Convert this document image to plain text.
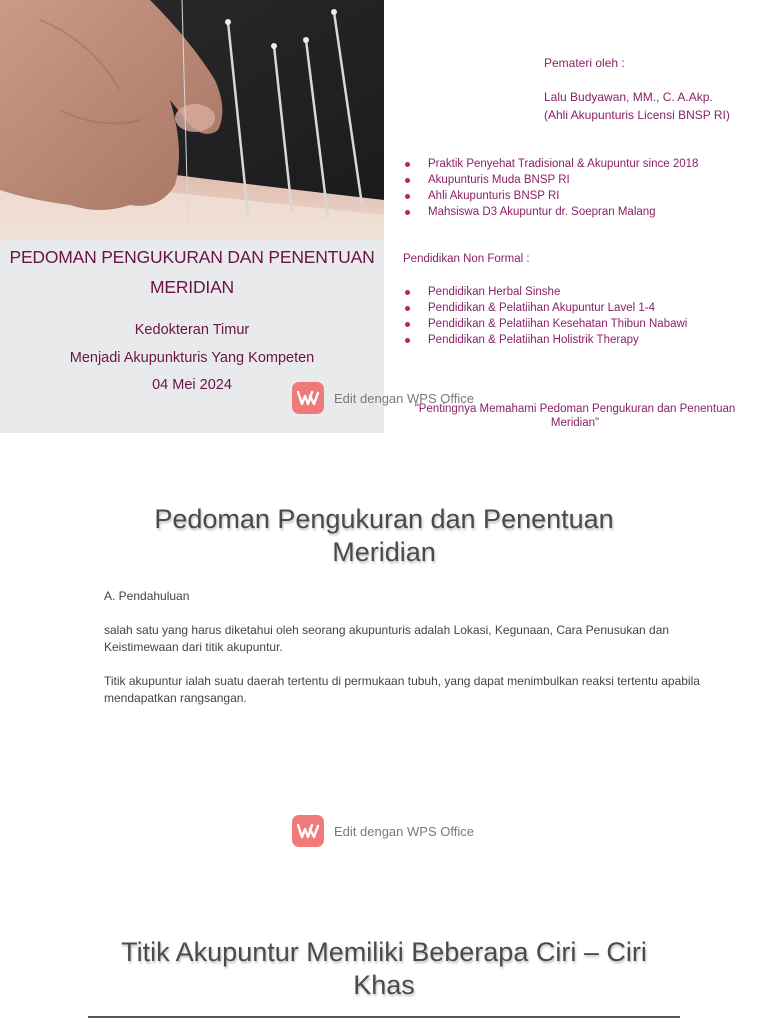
PEDOMAN PENGUKURAN DAN PENENTUAN
MERIDIAN
Kedokteran Timur
Menjadi Akupunkturis Yang Kompeten
04 Mei 2024
Pemateri oleh :
Lalu Budyawan, MM., C. A.Akp.
(Ahli Akupunturis Licensi BNSP RI)
Praktik Penyehat Tradisional & Akupuntur since 2018
Akupunturis Muda BNSP RI
Ahli Akupunturis BNSP RI
Mahsiswa D3 Akupuntur dr. Soepran Malang
Pendidikan Non Formal :
Pendidikan Herbal Sinshe
Pendidikan & Pelatiihan Akupuntur Lavel 1-4
Pendidikan & Pelatiihan Kesehatan Thibun Nabawi
Pendidikan & Pelatiihan Holistrik Therapy
"Pentingnya Memahami Pedoman Pengukuran dan Penentuan Meridian"
Edit dengan WPS Office
Pedoman Pengukuran dan Penentuan
Meridian
A. Pendahuluan
salah satu yang harus diketahui oleh seorang akupunturis adalah Lokasi, Kegunaan, Cara Penusukan dan Keistimewaan dari titik akupuntur.
Titik akupuntur ialah suatu daerah tertentu di permukaan tubuh, yang dapat menimbulkan reaksi tertentu apabila mendapatkan rangsangan.
Edit dengan WPS Office
Titik Akupuntur Memiliki Beberapa Ciri – Ciri
Khas
